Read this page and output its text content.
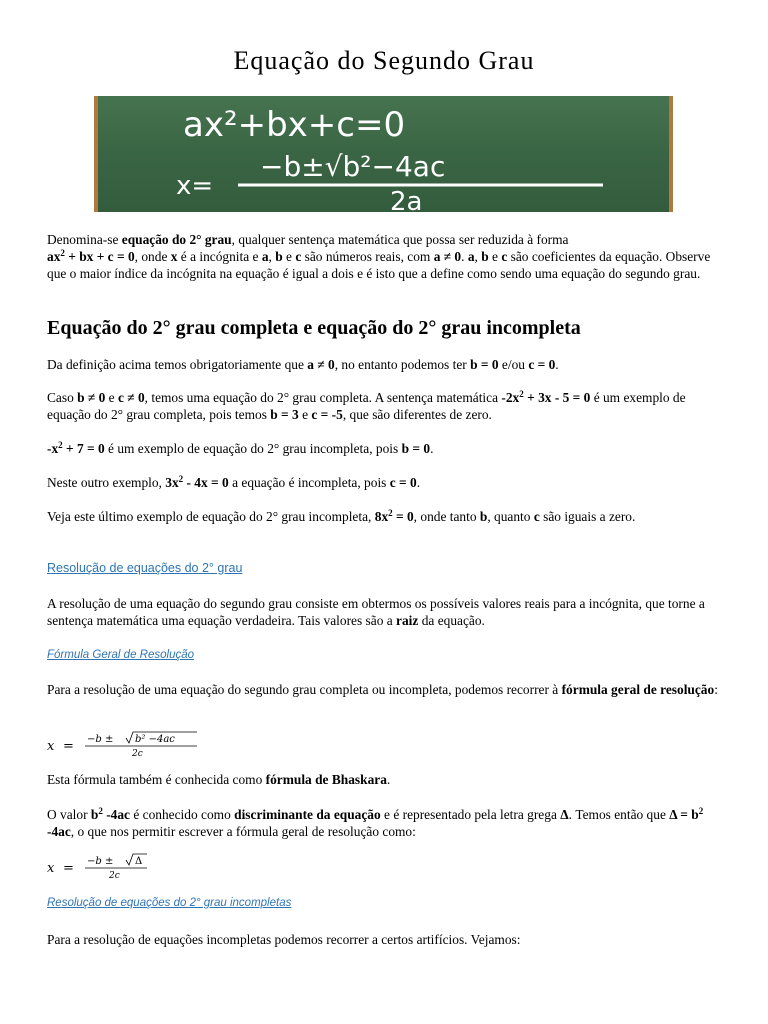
Equação do Segundo Grau
ax²+bx+c=0
x=
−b±√b²−4ac
2a

Denomina-se equação do 2° grau, qualquer sentença matemática que possa ser reduzida à forma
$ax^2$ + bx + c = 0, onde x é a incógnita e a, b e c são números reais, com a ≠ 0. a, b e c são coeficientes da equação. Observe que o maior índice da incógnita na equação é igual a dois e é isto que a define como sendo uma equação do segundo grau.

Equação do 2° grau completa e equação do 2° grau incompleta

Da definição acima temos obrigatoriamente que a ≠ 0, no entanto podemos ter b = 0 e/ou c = 0.

Caso b ≠ 0 e c ≠ 0, temos uma equação do 2° grau completa. A sentença matemática $-2x^2 + 3x - 5 = 0$ é um exemplo de equação do 2° grau completa, pois temos b = 3 e c = -5, que são diferentes de zero.

$-x^2 + 7 = 0$ é um exemplo de equação do 2° grau incompleta, pois b = 0.

Neste outro exemplo, $3x^2 - 4x = 0$ a equação é incompleta, pois c = 0.

Veja este último exemplo de equação do 2° grau incompleta, $8x^2 = 0$, onde tanto b, quanto c são iguais a zero.

Resolução de equações do 2° grau

A resolução de uma equação do segundo grau consiste em obtermos os possíveis valores reais para a incógnita, que torne a sentença matemática uma equação verdadeira. Tais valores são a raiz da equação.

Fórmula Geral de Resolução

Para a resolução de uma equação do segundo grau completa ou incompleta, podemos recorrer à fórmula geral de resolução:

x = −b ± b² −4ac
2c

Esta fórmula também é conhecida como fórmula de Bhaskara.

O valor $b^2$ -4ac é conhecido como discriminante da equação e é representado pela letra grega Δ. Temos então que $\Delta = b^2$ -4ac, o que nos permitir escrever a fórmula geral de resolução como:

x = −b ± Δ
2c

Resolução de equações do 2° grau incompletas

Para a resolução de equações incompletas podemos recorrer a certos artifícios. Vejamos:
